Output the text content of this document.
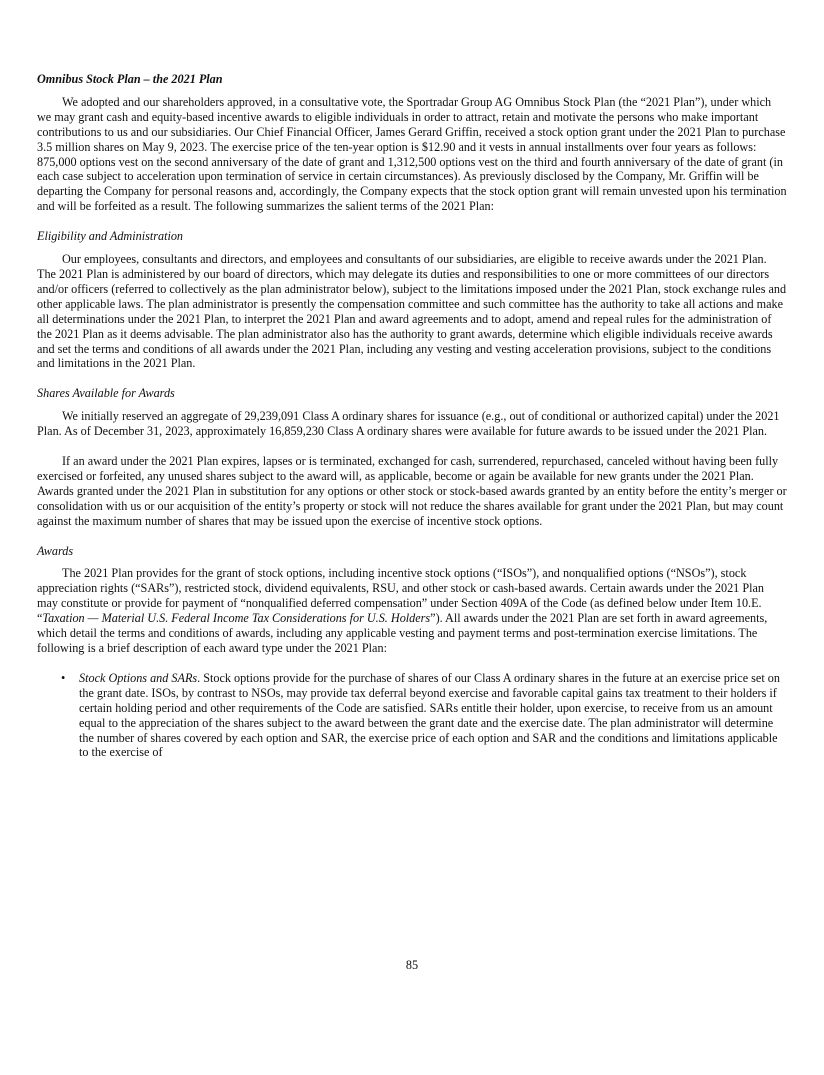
Omnibus Stock Plan – the 2021 Plan

We adopted and our shareholders approved, in a consultative vote, the Sportradar Group AG Omnibus Stock Plan (the “2021 Plan”), under which we may grant cash and equity-based incentive awards to eligible individuals in order to attract, retain and motivate the persons who make important contributions to us and our subsidiaries. Our Chief Financial Officer, James Gerard Griffin, received a stock option grant under the 2021 Plan to purchase 3.5 million shares on May 9, 2023. The exercise price of the ten-year option is $12.90 and it vests in annual installments over four years as follows: 875,000 options vest on the second anniversary of the date of grant and 1,312,500 options vest on the third and fourth anniversary of the date of grant (in each case subject to acceleration upon termination of service in certain circumstances). As previously disclosed by the Company, Mr. Griffin will be departing the Company for personal reasons and, accordingly, the Company expects that the stock option grant will remain unvested upon his termination and will be forfeited as a result. The following summarizes the salient terms of the 2021 Plan:

Eligibility and Administration

Our employees, consultants and directors, and employees and consultants of our subsidiaries, are eligible to receive awards under the 2021 Plan. The 2021 Plan is administered by our board of directors, which may delegate its duties and responsibilities to one or more committees of our directors and/or officers (referred to collectively as the plan administrator below), subject to the limitations imposed under the 2021 Plan, stock exchange rules and other applicable laws. The plan administrator is presently the compensation committee and such committee has the authority to take all actions and make all determinations under the 2021 Plan, to interpret the 2021 Plan and award agreements and to adopt, amend and repeal rules for the administration of the 2021 Plan as it deems advisable. The plan administrator also has the authority to grant awards, determine which eligible individuals receive awards and set the terms and conditions of all awards under the 2021 Plan, including any vesting and vesting acceleration provisions, subject to the conditions and limitations in the 2021 Plan.

Shares Available for Awards

We initially reserved an aggregate of 29,239,091 Class A ordinary shares for issuance (e.g., out of conditional or authorized capital) under the 2021 Plan. As of December 31, 2023, approximately 16,859,230 Class A ordinary shares were available for future awards to be issued under the 2021 Plan.

If an award under the 2021 Plan expires, lapses or is terminated, exchanged for cash, surrendered, repurchased, canceled without having been fully exercised or forfeited, any unused shares subject to the award will, as applicable, become or again be available for new grants under the 2021 Plan. Awards granted under the 2021 Plan in substitution for any options or other stock or stock-based awards granted by an entity before the entity’s merger or consolidation with us or our acquisition of the entity’s property or stock will not reduce the shares available for grant under the 2021 Plan, but may count against the maximum number of shares that may be issued upon the exercise of incentive stock options.

Awards

The 2021 Plan provides for the grant of stock options, including incentive stock options (“ISOs”), and nonqualified options (“NSOs”), stock appreciation rights (“SARs”), restricted stock, dividend equivalents, RSU, and other stock or cash-based awards. Certain awards under the 2021 Plan may constitute or provide for payment of “nonqualified deferred compensation” under Section 409A of the Code (as defined below under Item 10.E. “Taxation — Material U.S. Federal Income Tax Considerations for U.S. Holders”). All awards under the 2021 Plan are set forth in award agreements, which detail the terms and conditions of awards, including any applicable vesting and payment terms and post-termination exercise limitations. The following is a brief description of each award type under the 2021 Plan:

• Stock Options and SARs. Stock options provide for the purchase of shares of our Class A ordinary shares in the future at an exercise price set on the grant date. ISOs, by contrast to NSOs, may provide tax deferral beyond exercise and favorable capital gains tax treatment to their holders if certain holding period and other requirements of the Code are satisfied. SARs entitle their holder, upon exercise, to receive from us an amount equal to the appreciation of the shares subject to the award between the grant date and the exercise date. The plan administrator will determine the number of shares covered by each option and SAR, the exercise price of each option and SAR and the conditions and limitations applicable to the exercise of
85
